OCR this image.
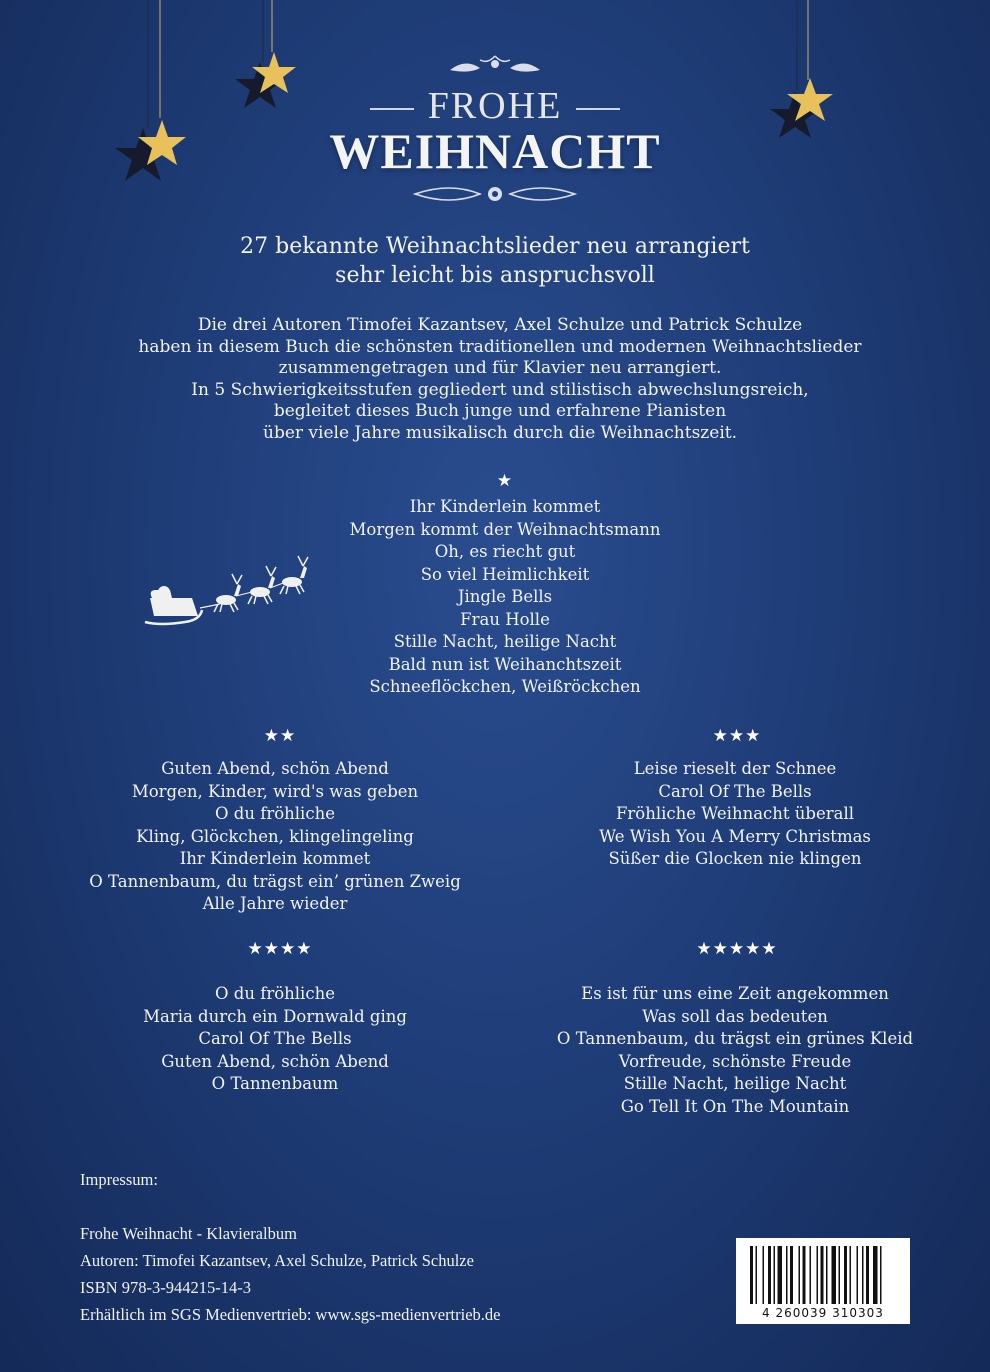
FROHE
WEIHNACHT
27 bekannte Weihnachtslieder neu arrangiert
sehr leicht bis anspruchsvoll
Die drei Autoren Timofei Kazantsev, Axel Schulze und Patrick Schulze
haben in diesem Buch die schönsten traditionellen und modernen Weihnachtslieder
zusammengetragen und für Klavier neu arrangiert.
In 5 Schwierigkeitsstufen gegliedert und stilistisch abwechslungsreich,
begleitet dieses Buch junge und erfahrene Pianisten
über viele Jahre musikalisch durch die Weihnachtszeit.
★
Ihr Kinderlein kommet
Morgen kommt der Weihnachtsmann
Oh, es riecht gut
So viel Heimlichkeit
Jingle Bells
Frau Holle
Stille Nacht, heilige Nacht
Bald nun ist Weihanchtszeit
Schneeflöckchen, Weißröckchen
★★
Guten Abend, schön Abend
Morgen, Kinder, wird's was geben
O du fröhliche
Kling, Glöckchen, klingelingeling
Ihr Kinderlein kommet
O Tannenbaum, du trägst ein’ grünen Zweig
Alle Jahre wieder
★★★
Leise rieselt der Schnee
Carol Of The Bells
Fröhliche Weihnacht überall
We Wish You A Merry Christmas
Süßer die Glocken nie klingen
★★★★
O du fröhliche
Maria durch ein Dornwald ging
Carol Of The Bells
Guten Abend, schön Abend
O Tannenbaum
★★★★★
Es ist für uns eine Zeit angekommen
Was soll das bedeuten
O Tannenbaum, du trägst ein grünes Kleid
Vorfreude, schönste Freude
Stille Nacht, heilige Nacht
Go Tell It On The Mountain
Impressum:
Frohe Weihnacht - Klavieralbum
Autoren: Timofei Kazantsev, Axel Schulze, Patrick Schulze
ISBN 978-3-944215-14-3
Erhältlich im SGS Medienvertrieb: www.sgs-medienvertrieb.de	4 260039 310303
